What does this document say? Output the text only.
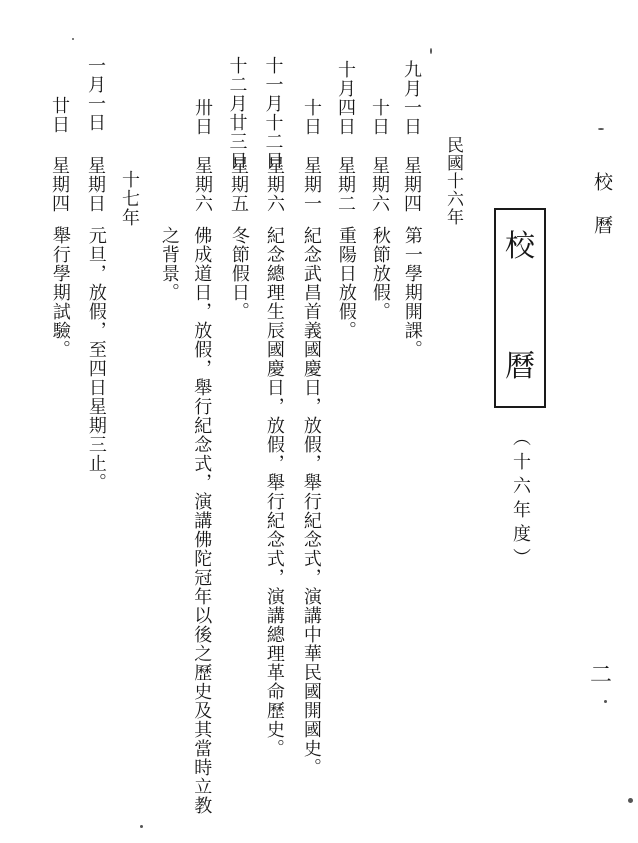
校曆
二
校
曆
（十六年度）
民國十六年
九月一日
星期四
第一學期開課。
十日
星期六
秋節放假。
十月四日
星期二
重陽日放假。
十日
星期一
紀念武昌首義國慶日，放假，舉行紀念式，演講中華民國開國史。
十一月十二日
星期六
紀念總理生辰國慶日，放假，舉行紀念式，演講總理革命歷史。
十二月廿三日
星期五
冬節假日。
卅日
星期六
佛成道日，放假，舉行紀念式，演講佛陀冠年以後之歷史及其當時立教
之背景。
十七年
一月一日
星期日
元旦，放假，至四日星期三止。
廿日
星期四
舉行學期試驗。
